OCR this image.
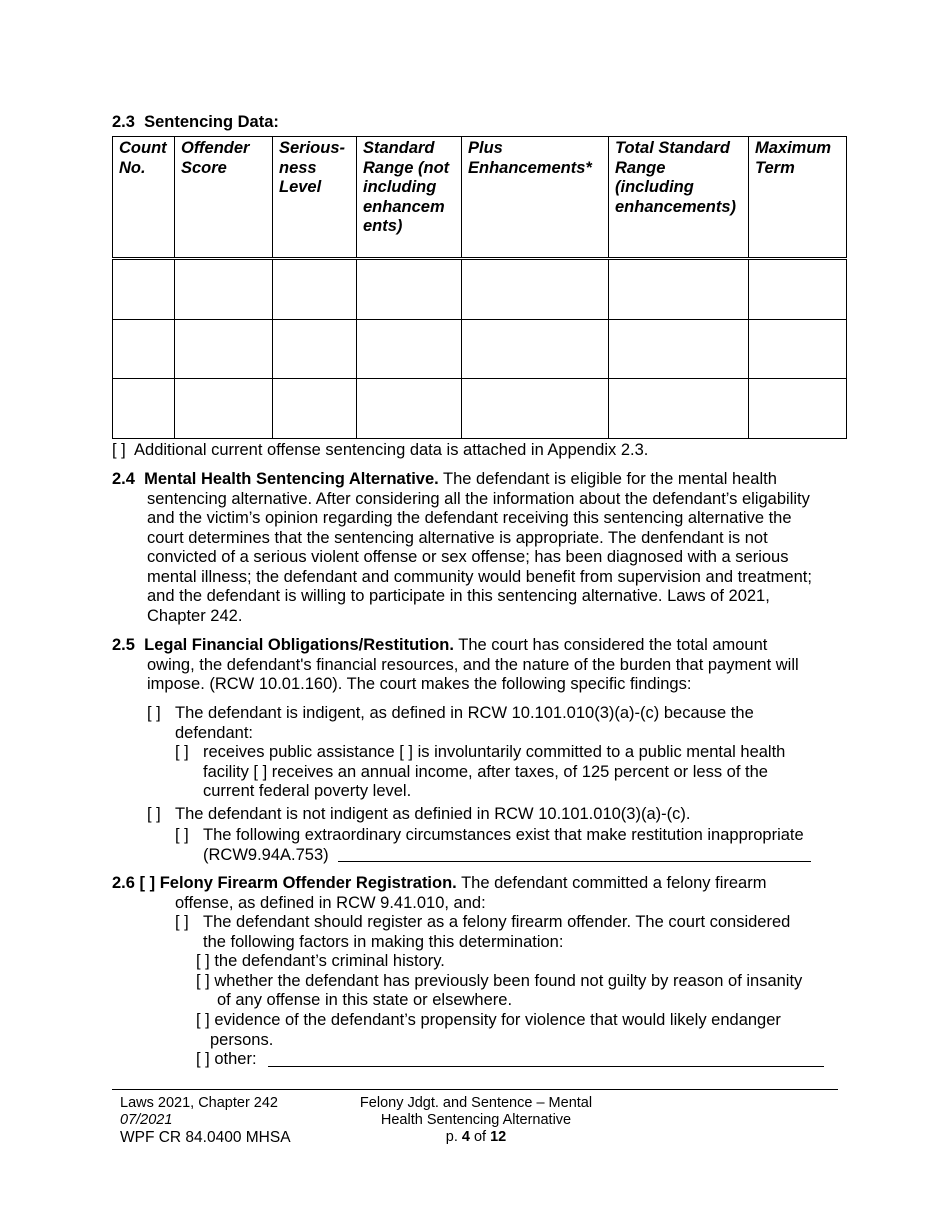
2.3 Sentencing Data:
Count No.	Offender Score	Serious-ness Level	Standard Range (not including enhancem ents)	Plus Enhancements*	Total Standard Range (including enhancements)	Maximum Term

[ ] Additional current offense sentencing data is attached in Appendix 2.3.
2.4 Mental Health Sentencing Alternative. The defendant is eligible for the mental health
sentencing alternative. After considering all the information about the defendant’s eligability
and the victim’s opinion regarding the defendant receiving this sentencing alternative the
court determines that the sentencing alternative is appropriate. The denfendant is not
convicted of a serious violent offense or sex offense; has been diagnosed with a serious
mental illness; the defendant and community would benefit from supervision and treatment;
and the defendant is willing to participate in this sentencing alternative. Laws of 2021,
Chapter 242.
2.5 Legal Financial Obligations/Restitution. The court has considered the total amount
owing, the defendant's financial resources, and the nature of the burden that payment will
impose. (RCW 10.01.160). The court makes the following specific findings:
[ ] The defendant is indigent, as defined in RCW 10.101.010(3)(a)-(c) because the
defendant:
[ ] receives public assistance [ ] is involuntarily committed to a public mental health
facility [ ] receives an annual income, after taxes, of 125 percent or less of the
current federal poverty level.
[ ] The defendant is not indigent as definied in RCW 10.101.010(3)(a)-(c).
[ ] The following extraordinary circumstances exist that make restitution inappropriate
(RCW9.94A.753)
2.6 [ ] Felony Firearm Offender Registration. The defendant committed a felony firearm
offense, as defined in RCW 9.41.010, and:
[ ] The defendant should register as a felony firearm offender. The court considered
the following factors in making this determination:
[ ] the defendant’s criminal history.
[ ] whether the defendant has previously been found not guilty by reason of insanity
of any offense in this state or elsewhere.
[ ] evidence of the defendant’s propensity for violence that would likely endanger
persons.
[ ] other:
Laws 2021, Chapter 242
07/2021
WPF CR 84.0400 MHSA
Felony Jdgt. and Sentence – Mental
Health Sentencing Alternative
p. 4 of 12
